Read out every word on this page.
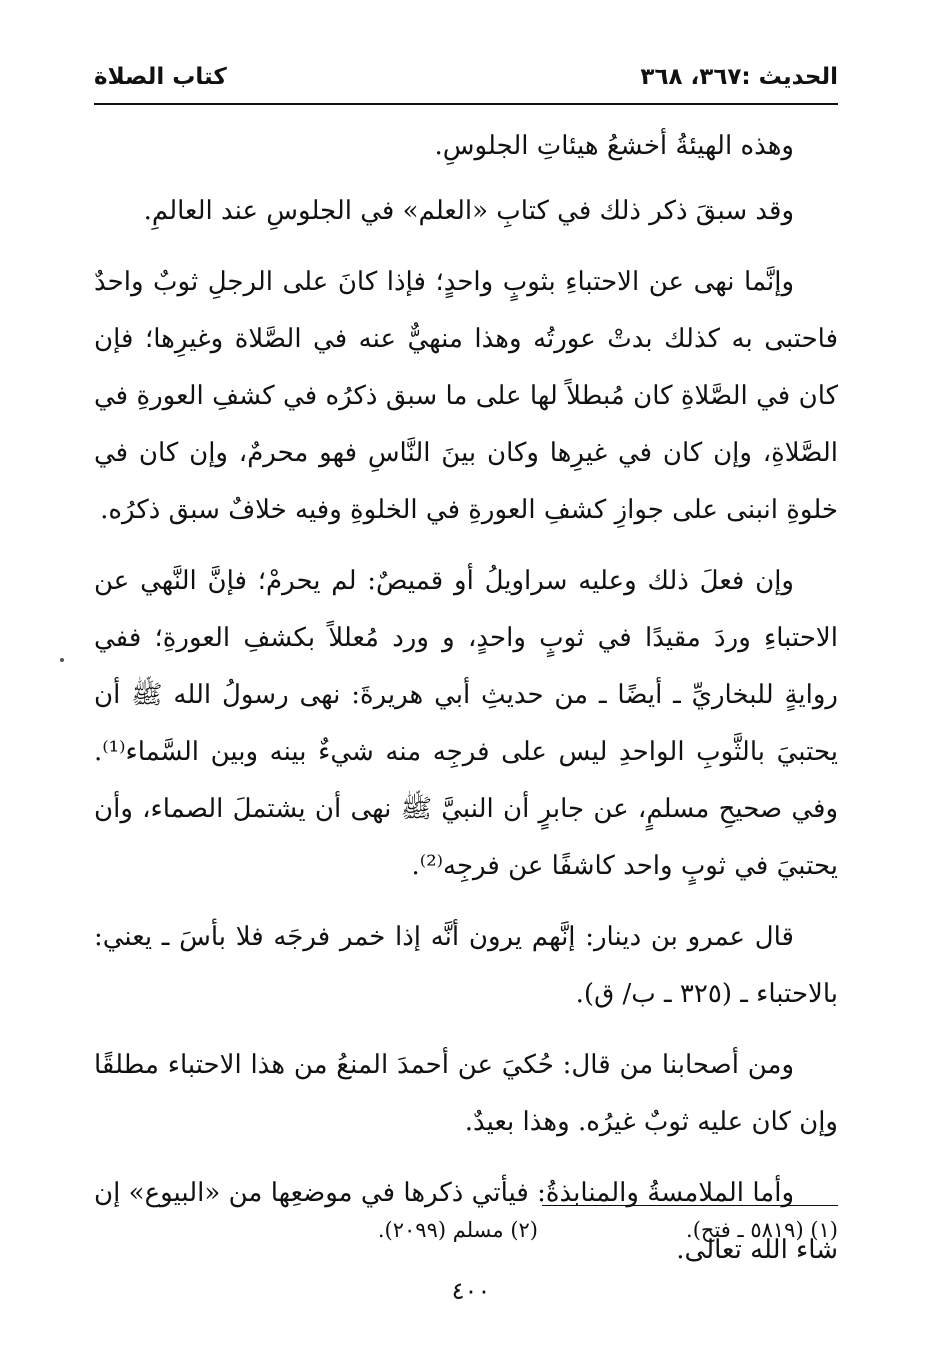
الحديث :٣٦٧، ٣٦٨
كتاب الصلاة

وهذه الهيئةُ أخشعُ هيئاتِ الجلوسِ.

وقد سبقَ ذكر ذلك في كتابِ «العلم» في الجلوسِ عند العالمِ.

وإنَّما نهى عن الاحتباءِ بثوبٍ واحدٍ؛ فإذا كانَ على الرجلِ ثوبٌ واحدٌ فاحتبى به كذلك بدتْ عورتُه وهذا منهيٌّ عنه في الصَّلاة وغيرِها؛ فإن كان في الصَّلاةِ كان مُبطلاً لها على ما سبق ذكرُه في كشفِ العورةِ في الصَّلاةِ، وإن كان في غيرِها وكان بينَ النَّاسِ فهو محرمٌ، وإن كان في خلوةِ انبنى على جوازِ كشفِ العورةِ في الخلوةِ وفيه خلافٌ سبق ذكرُه.

وإن فعلَ ذلك وعليه سراويلُ أو قميصٌ: لم يحرمْ؛ فإنَّ النَّهي عن الاحتباءِ وردَ مقيدًا في ثوبٍ واحدٍ، و ورد مُعللاً بكشفِ العورةِ؛ ففي روايةٍ للبخاريِّ ـ أيضًا ـ من حديثِ أبي هريرةَ: نهى رسولُ الله ﷺ أن يحتبيَ بالثَّوبِ الواحدِ ليس على فرجِه منه شيءٌ بينه وبين السَّماء⁽¹⁾. وفي صحيحِ مسلمٍ، عن جابرٍ أن النبيَّ ﷺ نهى أن يشتملَ الصماء، وأن يحتبيَ في ثوبٍ واحد كاشفًا عن فرجِه⁽²⁾.

قال عمرو بن دينار: إنَّهم يرون أنَّه إذا خمر فرجَه فلا بأسَ ـ يعني: بالاحتباء ـ (٣٢٥ ـ ب/ ق).

ومن أصحابنا من قال: حُكيَ عن أحمدَ المنعُ من هذا الاحتباء مطلقًا وإن كان عليه ثوبٌ غيرُه. وهذا بعيدٌ.

وأما الملامسةُ والمنابذةُ: فيأتي ذكرها في موضعِها من «البيوع» إن شاء الله تعالى.

(١) (٥٨١٩ ـ فتح).
(٢) مسلم (٢٠٩٩).
٤٠٠
